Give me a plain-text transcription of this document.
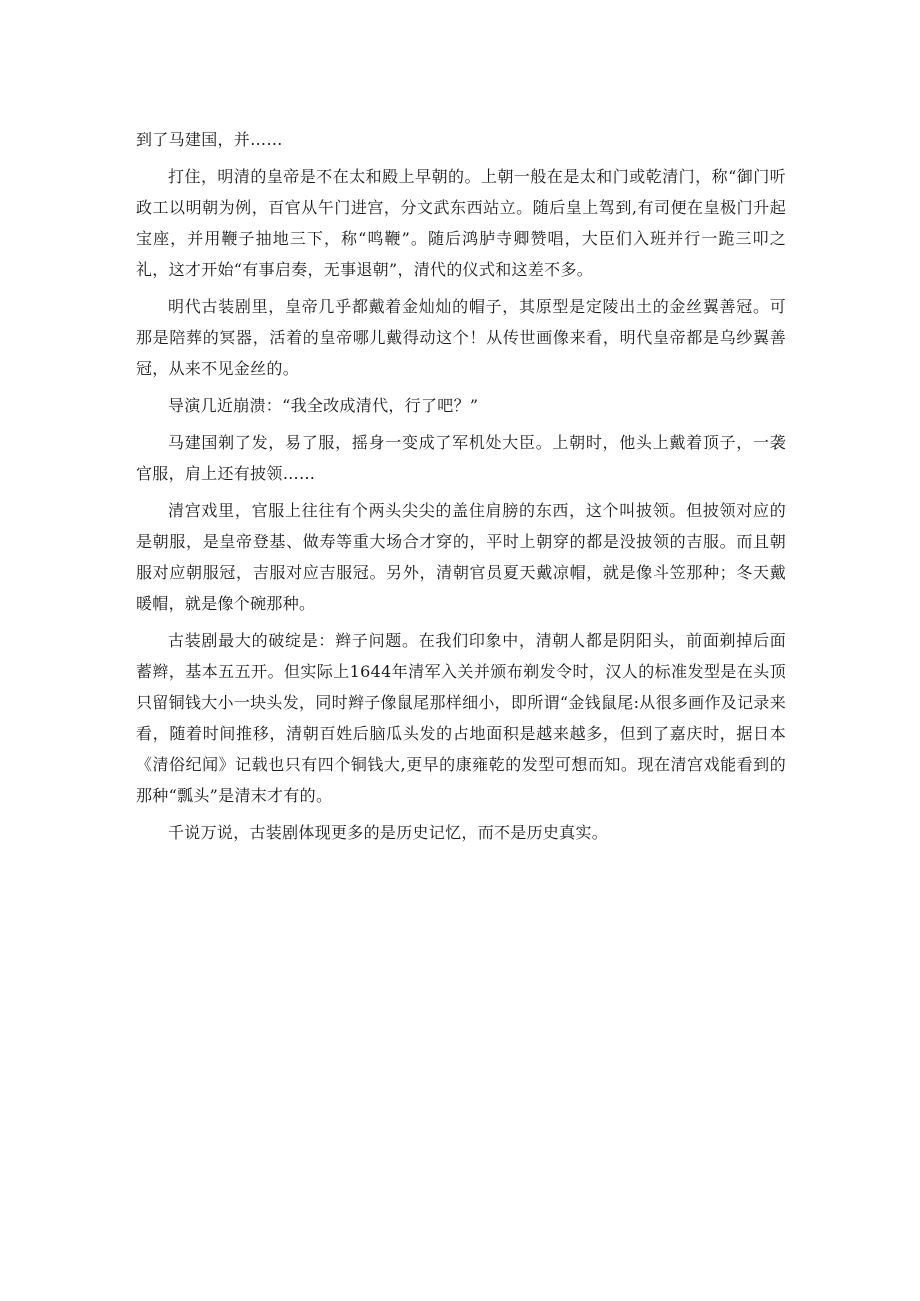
到了马建国，并……

打住，明清的皇帝是不在太和殿上早朝的。上朝一般在是太和门或乾清门，称“御门听政工以明朝为例，百官从午门进宫，分文武东西站立。随后皇上驾到,有司便在皇极门升起宝座，并用鞭子抽地三下，称“鸣鞭”。随后鸿胪寺卿赞唱，大臣们入班并行一跪三叩之礼，这才开始“有事启奏，无事退朝”，清代的仪式和这差不多。

明代古装剧里，皇帝几乎都戴着金灿灿的帽子，其原型是定陵出土的金丝翼善冠。可那是陪葬的冥器，活着的皇帝哪儿戴得动这个！从传世画像来看，明代皇帝都是乌纱翼善冠，从来不见金丝的。

导演几近崩溃：“我全改成清代，行了吧？”

马建国剃了发，易了服，摇身一变成了军机处大臣。上朝时，他头上戴着顶子，一袭官服，肩上还有披领……

清宫戏里，官服上往往有个两头尖尖的盖住肩膀的东西，这个叫披领。但披领对应的是朝服，是皇帝登基、做寿等重大场合才穿的，平时上朝穿的都是没披领的吉服。而且朝服对应朝服冠，吉服对应吉服冠。另外，清朝官员夏天戴凉帽，就是像斗笠那种；冬天戴暖帽，就是像个碗那种。

古装剧最大的破绽是：辫子问题。在我们印象中，清朝人都是阴阳头，前面剃掉后面蓄辫，基本五五开。但实际上1644年清军入关并颁布剃发令时，汉人的标准发型是在头顶只留铜钱大小一块头发，同时辫子像鼠尾那样细小，即所谓“金钱鼠尾:从很多画作及记录来看，随着时间推移，清朝百姓后脑瓜头发的占地面积是越来越多，但到了嘉庆时，据日本《清俗纪闻》记载也只有四个铜钱大,更早的康雍乾的发型可想而知。现在清宫戏能看到的那种“瓢头”是清末才有的。

千说万说，古装剧体现更多的是历史记忆，而不是历史真实。
